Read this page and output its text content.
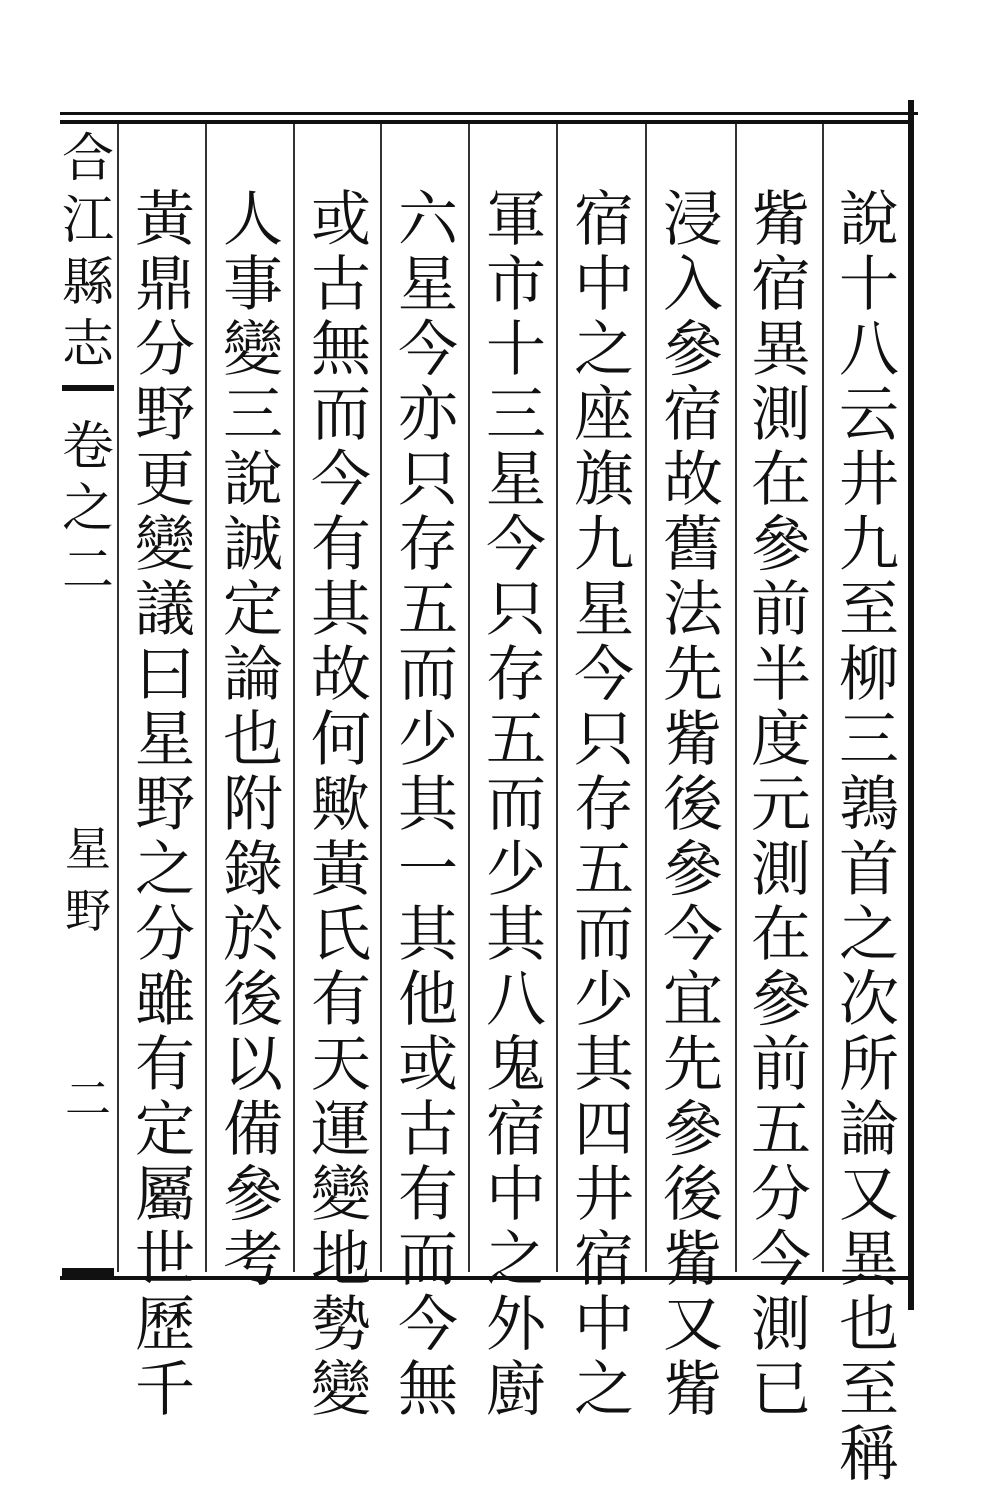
合
江
縣
志
卷
之
二
星
野
二
說
十
八
云
井
九
至
柳
三
鶉
首
之
次
所
論
又
異
也
至
稱
觜
宿
異
測
在
參
前
半
度
元
測
在
參
前
五
分
今
測
已
浸
入
參
宿
故
舊
法
先
觜
後
參
今
宜
先
參
後
觜
又
觜
宿
中
之
座
旗
九
星
今
只
存
五
而
少
其
四
井
宿
中
之
軍
市
十
三
星
今
只
存
五
而
少
其
八
鬼
宿
中
之
外
廚
六
星
今
亦
只
存
五
而
少
其
一
其
他
或
古
有
而
今
無
或
古
無
而
今
有
其
故
何
歟
黃
氏
有
天
運
變
地
勢
變
人
事
變
三
說
誠
定
論
也
附
錄
於
後
以
備
參
考
黃
鼎
分
野
更
變
議
曰
星
野
之
分
雖
有
定
屬
世
歷
千
